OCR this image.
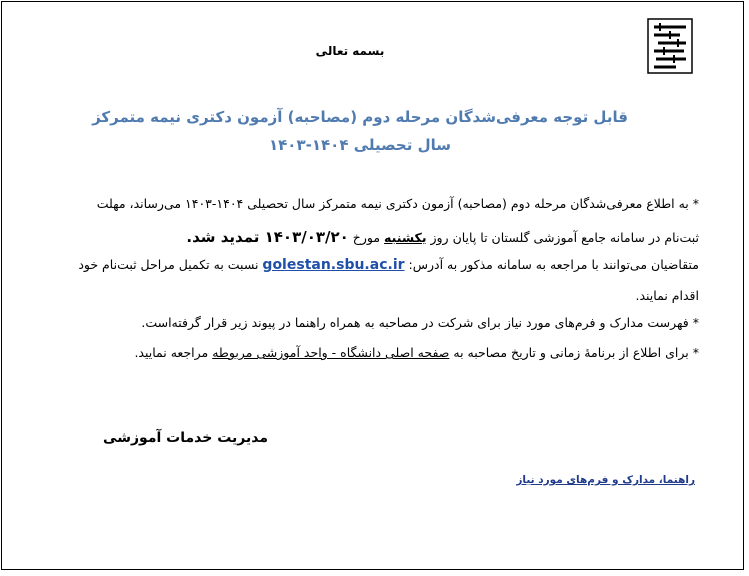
بسمه تعالی
قابل توجه معرفی‌شدگان مرحله دوم (مصاحبه) آزمون دکتری نیمه متمرکز
سال تحصیلی ۱۴۰۴-۱۴۰۳
* به اطلاع معرفی‌شدگان مرحله دوم (مصاحبه) آزمون دکتری نیمه متمرکز سال تحصیلی ۱۴۰۴-۱۴۰۳ می‌رساند، مهلت
ثبت‌نام در سامانه جامع آموزشی گلستان تا پایان روز یکشنبه مورخ ۱۴۰۳/۰۳/۲۰ تمدید شد.
متقاضیان می‌توانند با مراجعه به سامانه مذکور به آدرس: golestan.sbu.ac.ir نسبت به تکمیل مراحل ثبت‌نام خود
اقدام نمایند.
* فهرست مدارک و فرم‌های مورد نیاز برای شرکت در مصاحبه به همراه راهنما در پیوند زیر قرار گرفته‌است.
* برای اطلاع از برنامهٔ زمانی و تاریخ مصاحبه به صفحه اصلی دانشگاه - واحد آموزشی مربوطه مراجعه نمایید.
مدیریت خدمات آموزشی
راهنما، مدارک و فرم‌های مورد نیاز
